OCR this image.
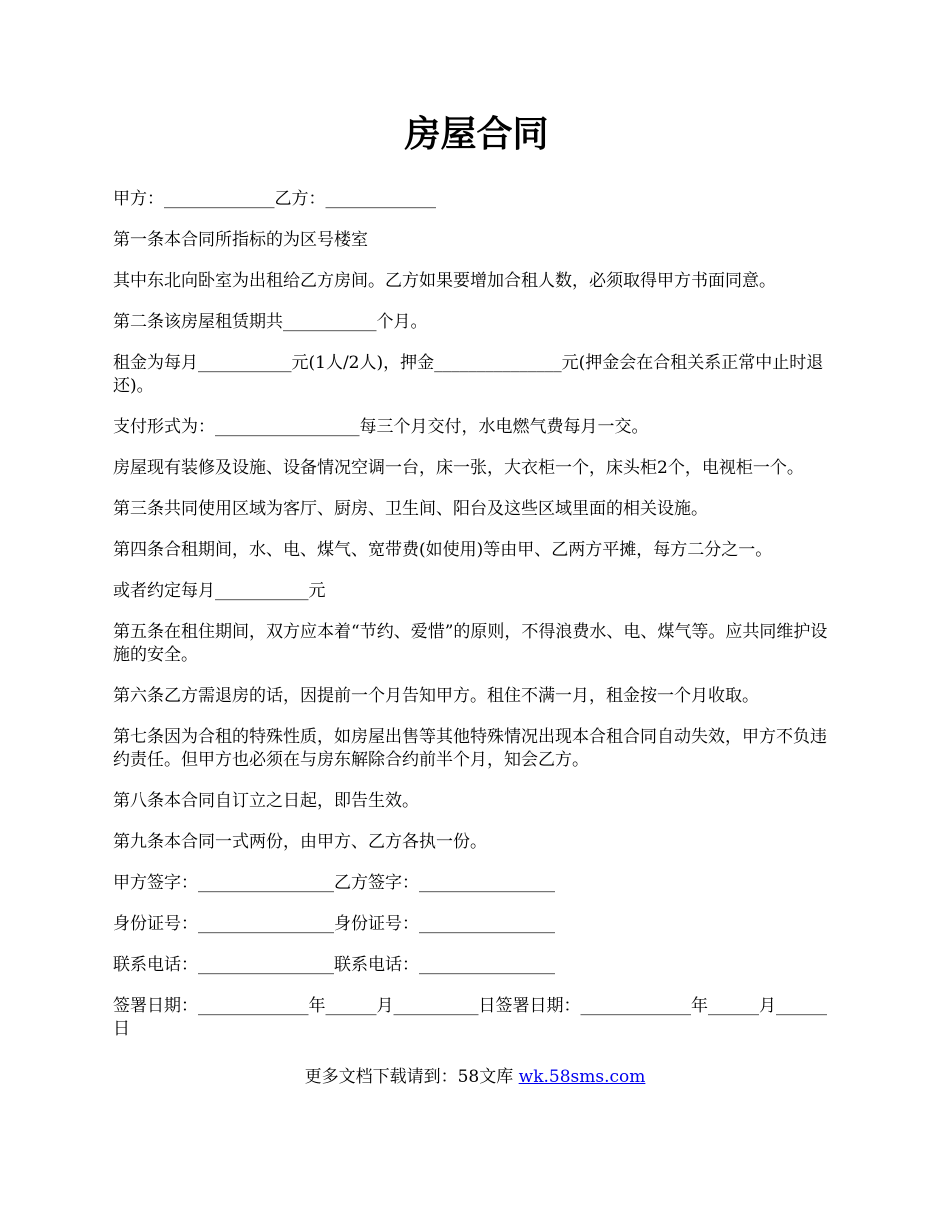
房屋合同
甲方：_____________乙方：_____________
第一条本合同所指标的为区号楼室
其中东北向卧室为出租给乙方房间。乙方如果要增加合租人数，必须取得甲方书面同意。
第二条该房屋租赁期共___________个月。
租金为每月___________元(1人/2人)，押金_______________元(押金会在合租关系正常中止时退还)。
支付形式为：_________________每三个月交付，水电燃气费每月一交。
房屋现有装修及设施、设备情况空调一台，床一张，大衣柜一个，床头柜2个，电视柜一个。
第三条共同使用区域为客厅、厨房、卫生间、阳台及这些区域里面的相关设施。
第四条合租期间，水、电、煤气、宽带费(如使用)等由甲、乙两方平摊，每方二分之一。
或者约定每月___________元
第五条在租住期间，双方应本着“节约、爱惜”的原则，不得浪费水、电、煤气等。应共同维护设施的安全。
第六条乙方需退房的话，因提前一个月告知甲方。租住不满一月，租金按一个月收取。
第七条因为合租的特殊性质，如房屋出售等其他特殊情况出现本合租合同自动失效，甲方不负违约责任。但甲方也必须在与房东解除合约前半个月，知会乙方。
第八条本合同自订立之日起，即告生效。
第九条本合同一式两份，由甲方、乙方各执一份。
甲方签字：________________乙方签字：________________
身份证号：________________身份证号：________________
联系电话：________________联系电话：________________
签署日期：_____________年______月__________日签署日期：_____________年______月______日
更多文档下载请到：58文库 wk.58sms.com
